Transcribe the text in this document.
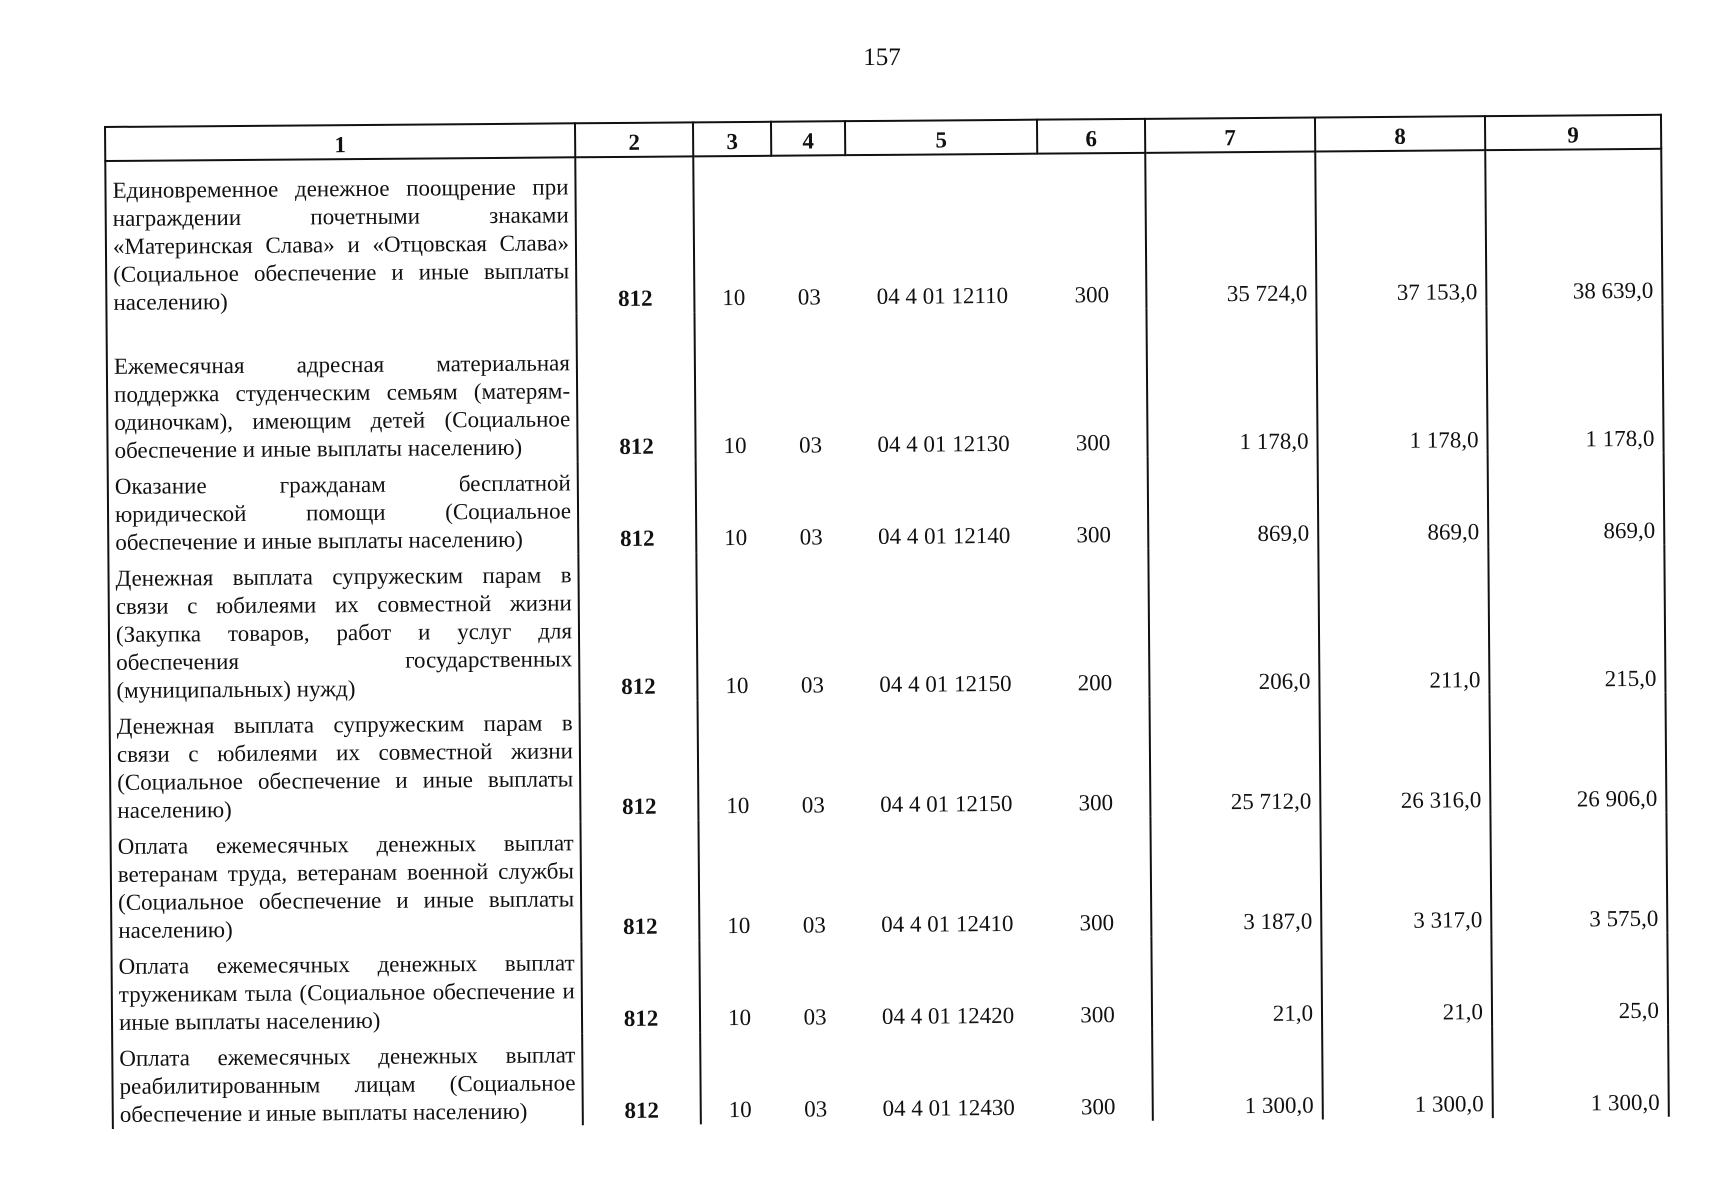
157
1	2	3	4	5	6	7	8	9
Единовременное денежное поощрение при награждении почетными знаками «Материнская Слава» и «Отцовская Слава» (Социальное обеспечение и иные выплаты населению)	812	10	03	04 4 01 12110	300	35 724,0	37 153,0	38 639,0
Ежемесячная адресная материальная поддержка студенческим семьям (матерям-одиночкам), имеющим детей (Социальное обеспечение и иные выплаты населению)	812	10	03	04 4 01 12130	300	1 178,0	1 178,0	1 178,0
Оказание гражданам бесплатной юридической помощи (Социальное обеспечение и иные выплаты населению)	812	10	03	04 4 01 12140	300	869,0	869,0	869,0
Денежная выплата супружеским парам в связи с юбилеями их совместной жизни (Закупка товаров, работ и услуг для обеспечения государственных (муниципальных) нужд)	812	10	03	04 4 01 12150	200	206,0	211,0	215,0
Денежная выплата супружеским парам в связи с юбилеями их совместной жизни (Социальное обеспечение и иные выплаты населению)	812	10	03	04 4 01 12150	300	25 712,0	26 316,0	26 906,0
Оплата ежемесячных денежных выплат ветеранам труда, ветеранам военной службы (Социальное обеспечение и иные выплаты населению)	812	10	03	04 4 01 12410	300	3 187,0	3 317,0	3 575,0
Оплата ежемесячных денежных выплат труженикам тыла (Социальное обеспечение и иные выплаты населению)	812	10	03	04 4 01 12420	300	21,0	21,0	25,0
Оплата ежемесячных денежных выплат реабилитированным лицам (Социальное обеспечение и иные выплаты населению)	812	10	03	04 4 01 12430	300	1 300,0	1 300,0	1 300,0
